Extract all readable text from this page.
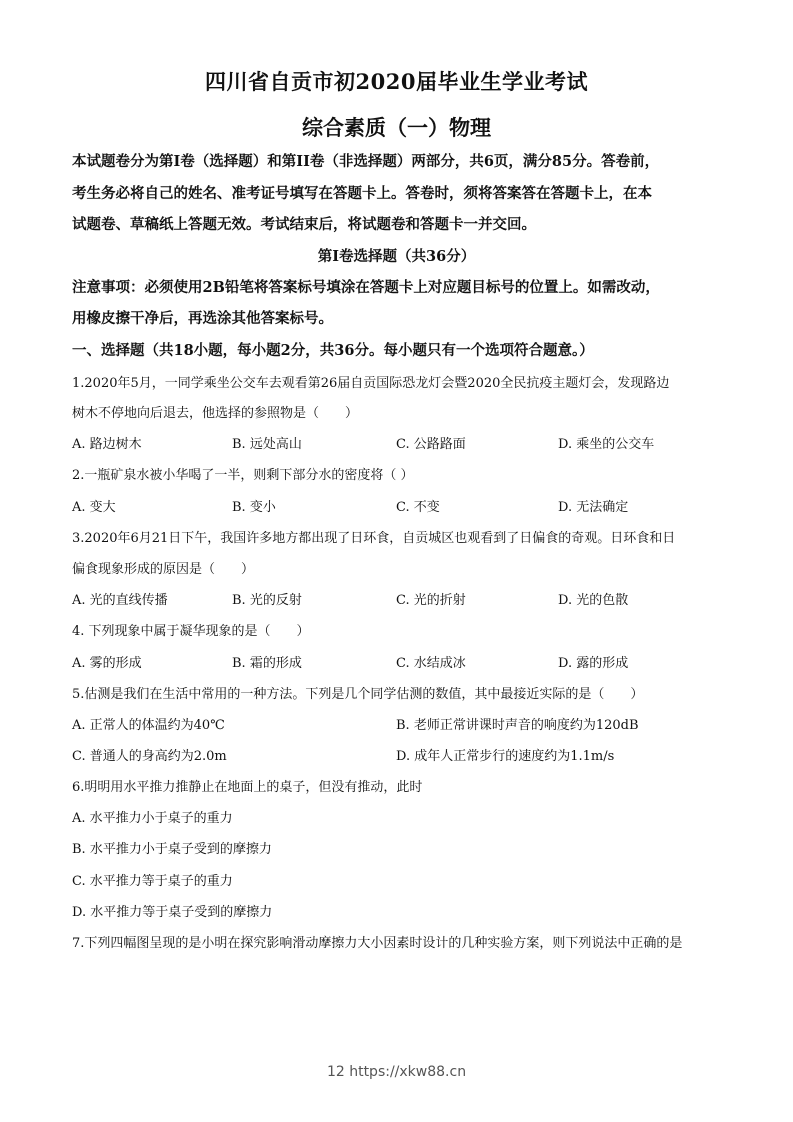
四川省自贡市初2020届毕业生学业考试
综合素质（一）物理
本试题卷分为第I卷（选择题）和第II卷（非选择题）两部分，共6页，满分85分。答卷前，
考生务必将自己的姓名、准考证号填写在答题卡上。答卷时，须将答案答在答题卡上，在本
试题卷、草稿纸上答题无效。考试结束后，将试题卷和答题卡一并交回。
第I卷选择题（共36分）
注意事项：必须使用2B铅笔将答案标号填涂在答题卡上对应题目标号的位置上。如需改动，
用橡皮擦干净后，再选涂其他答案标号。
一、选择题（共18小题，每小题2分，共36分。每小题只有一个选项符合题意。）
1.2020年5月，一同学乘坐公交车去观看第26届自贡国际恐龙灯会暨2020全民抗疫主题灯会，发现路边
树木不停地向后退去，他选择的参照物是（　　）
A. 路边树木	B. 远处高山	C. 公路路面	D. 乘坐的公交车
2.一瓶矿泉水被小华喝了一半，则剩下部分水的密度将（ ）
A. 变大	B. 变小	C. 不变	D. 无法确定
3.2020年6月21日下午，我国许多地方都出现了日环食，自贡城区也观看到了日偏食的奇观。日环食和日
偏食现象形成的原因是（　　）
A. 光的直线传播	B. 光的反射	C. 光的折射	D. 光的色散
4. 下列现象中属于凝华现象的是（　　）
A. 雾的形成	B. 霜的形成	C. 水结成冰	D. 露的形成
5.估测是我们在生活中常用的一种方法。下列是几个同学估测的数值，其中最接近实际的是（　　）
A. 正常人的体温约为40℃	B. 老师正常讲课时声音的响度约为120dB
C. 普通人的身高约为2.0m	D. 成年人正常步行的速度约为1.1m/s
6.明明用水平推力推静止在地面上的桌子，但没有推动，此时
A. 水平推力小于桌子的重力
B. 水平推力小于桌子受到的摩擦力
C. 水平推力等于桌子的重力
D. 水平推力等于桌子受到的摩擦力
7.下列四幅图呈现的是小明在探究影响滑动摩擦力大小因素时设计的几种实验方案，则下列说法中正确的是
12 https://xkw88.cn
